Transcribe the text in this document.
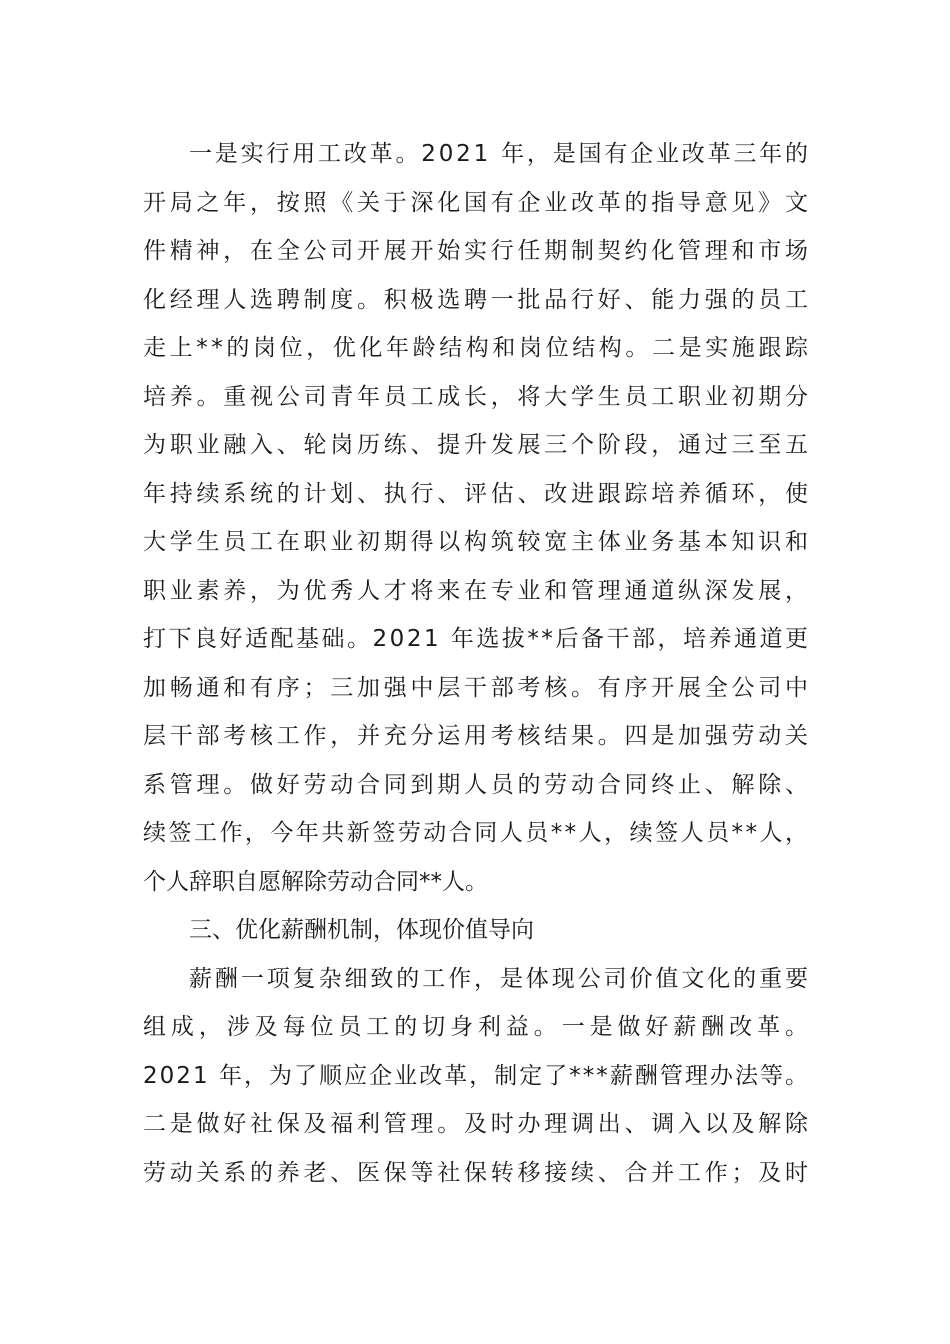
一是实行用工改革。2021 年，是国有企业改革三年的
开局之年，按照《关于深化国有企业改革的指导意见》文
件精神，在全公司开展开始实行任期制契约化管理和市场
化经理人选聘制度。积极选聘一批品行好、能力强的员工
走上**的岗位，优化年龄结构和岗位结构。二是实施跟踪
培养。重视公司青年员工成长，将大学生员工职业初期分
为职业融入、轮岗历练、提升发展三个阶段，通过三至五
年持续系统的计划、执行、评估、改进跟踪培养循环，使
大学生员工在职业初期得以构筑较宽主体业务基本知识和
职业素养，为优秀人才将来在专业和管理通道纵深发展，
打下良好适配基础。2021 年选拔**后备干部，培养通道更
加畅通和有序；三加强中层干部考核。有序开展全公司中
层干部考核工作，并充分运用考核结果。四是加强劳动关
系管理。做好劳动合同到期人员的劳动合同终止、解除、
续签工作，今年共新签劳动合同人员**人，续签人员**人，
个人辞职自愿解除劳动合同**人。
三、优化薪酬机制，体现价值导向
薪酬一项复杂细致的工作，是体现公司价值文化的重要
组成，涉及每位员工的切身利益。一是做好薪酬改革。
2021 年，为了顺应企业改革，制定了***薪酬管理办法等。
二是做好社保及福利管理。及时办理调出、调入以及解除
劳动关系的养老、医保等社保转移接续、合并工作；及时
